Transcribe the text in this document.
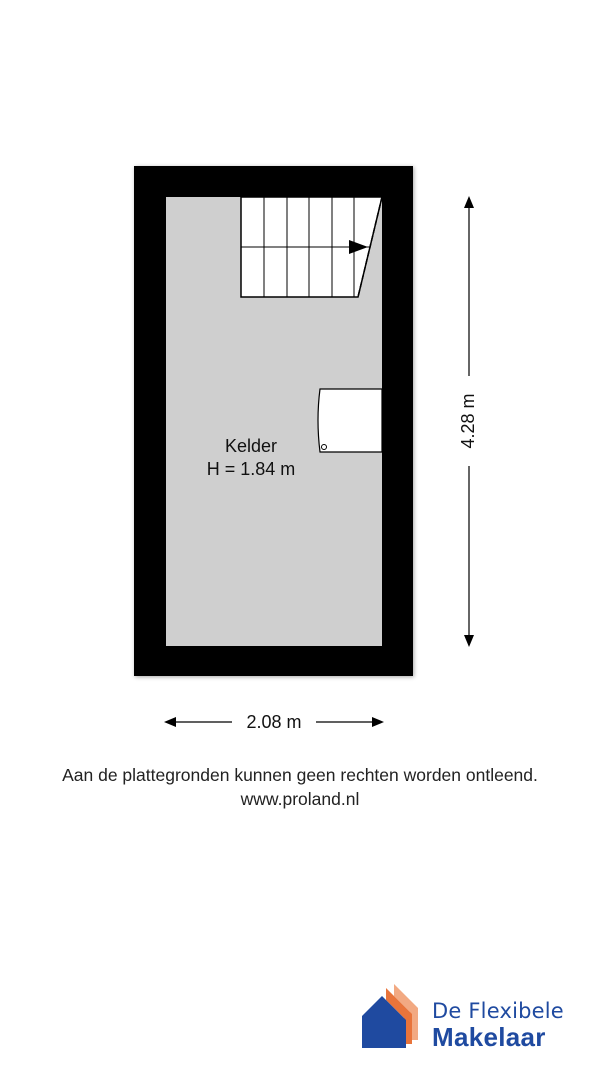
Kelder
H = 1.84 m
4.28 m
2.08 m
Aan de plattegronden kunnen geen rechten worden ontleend.
www.proland.nl
De Flexibele
Makelaar
